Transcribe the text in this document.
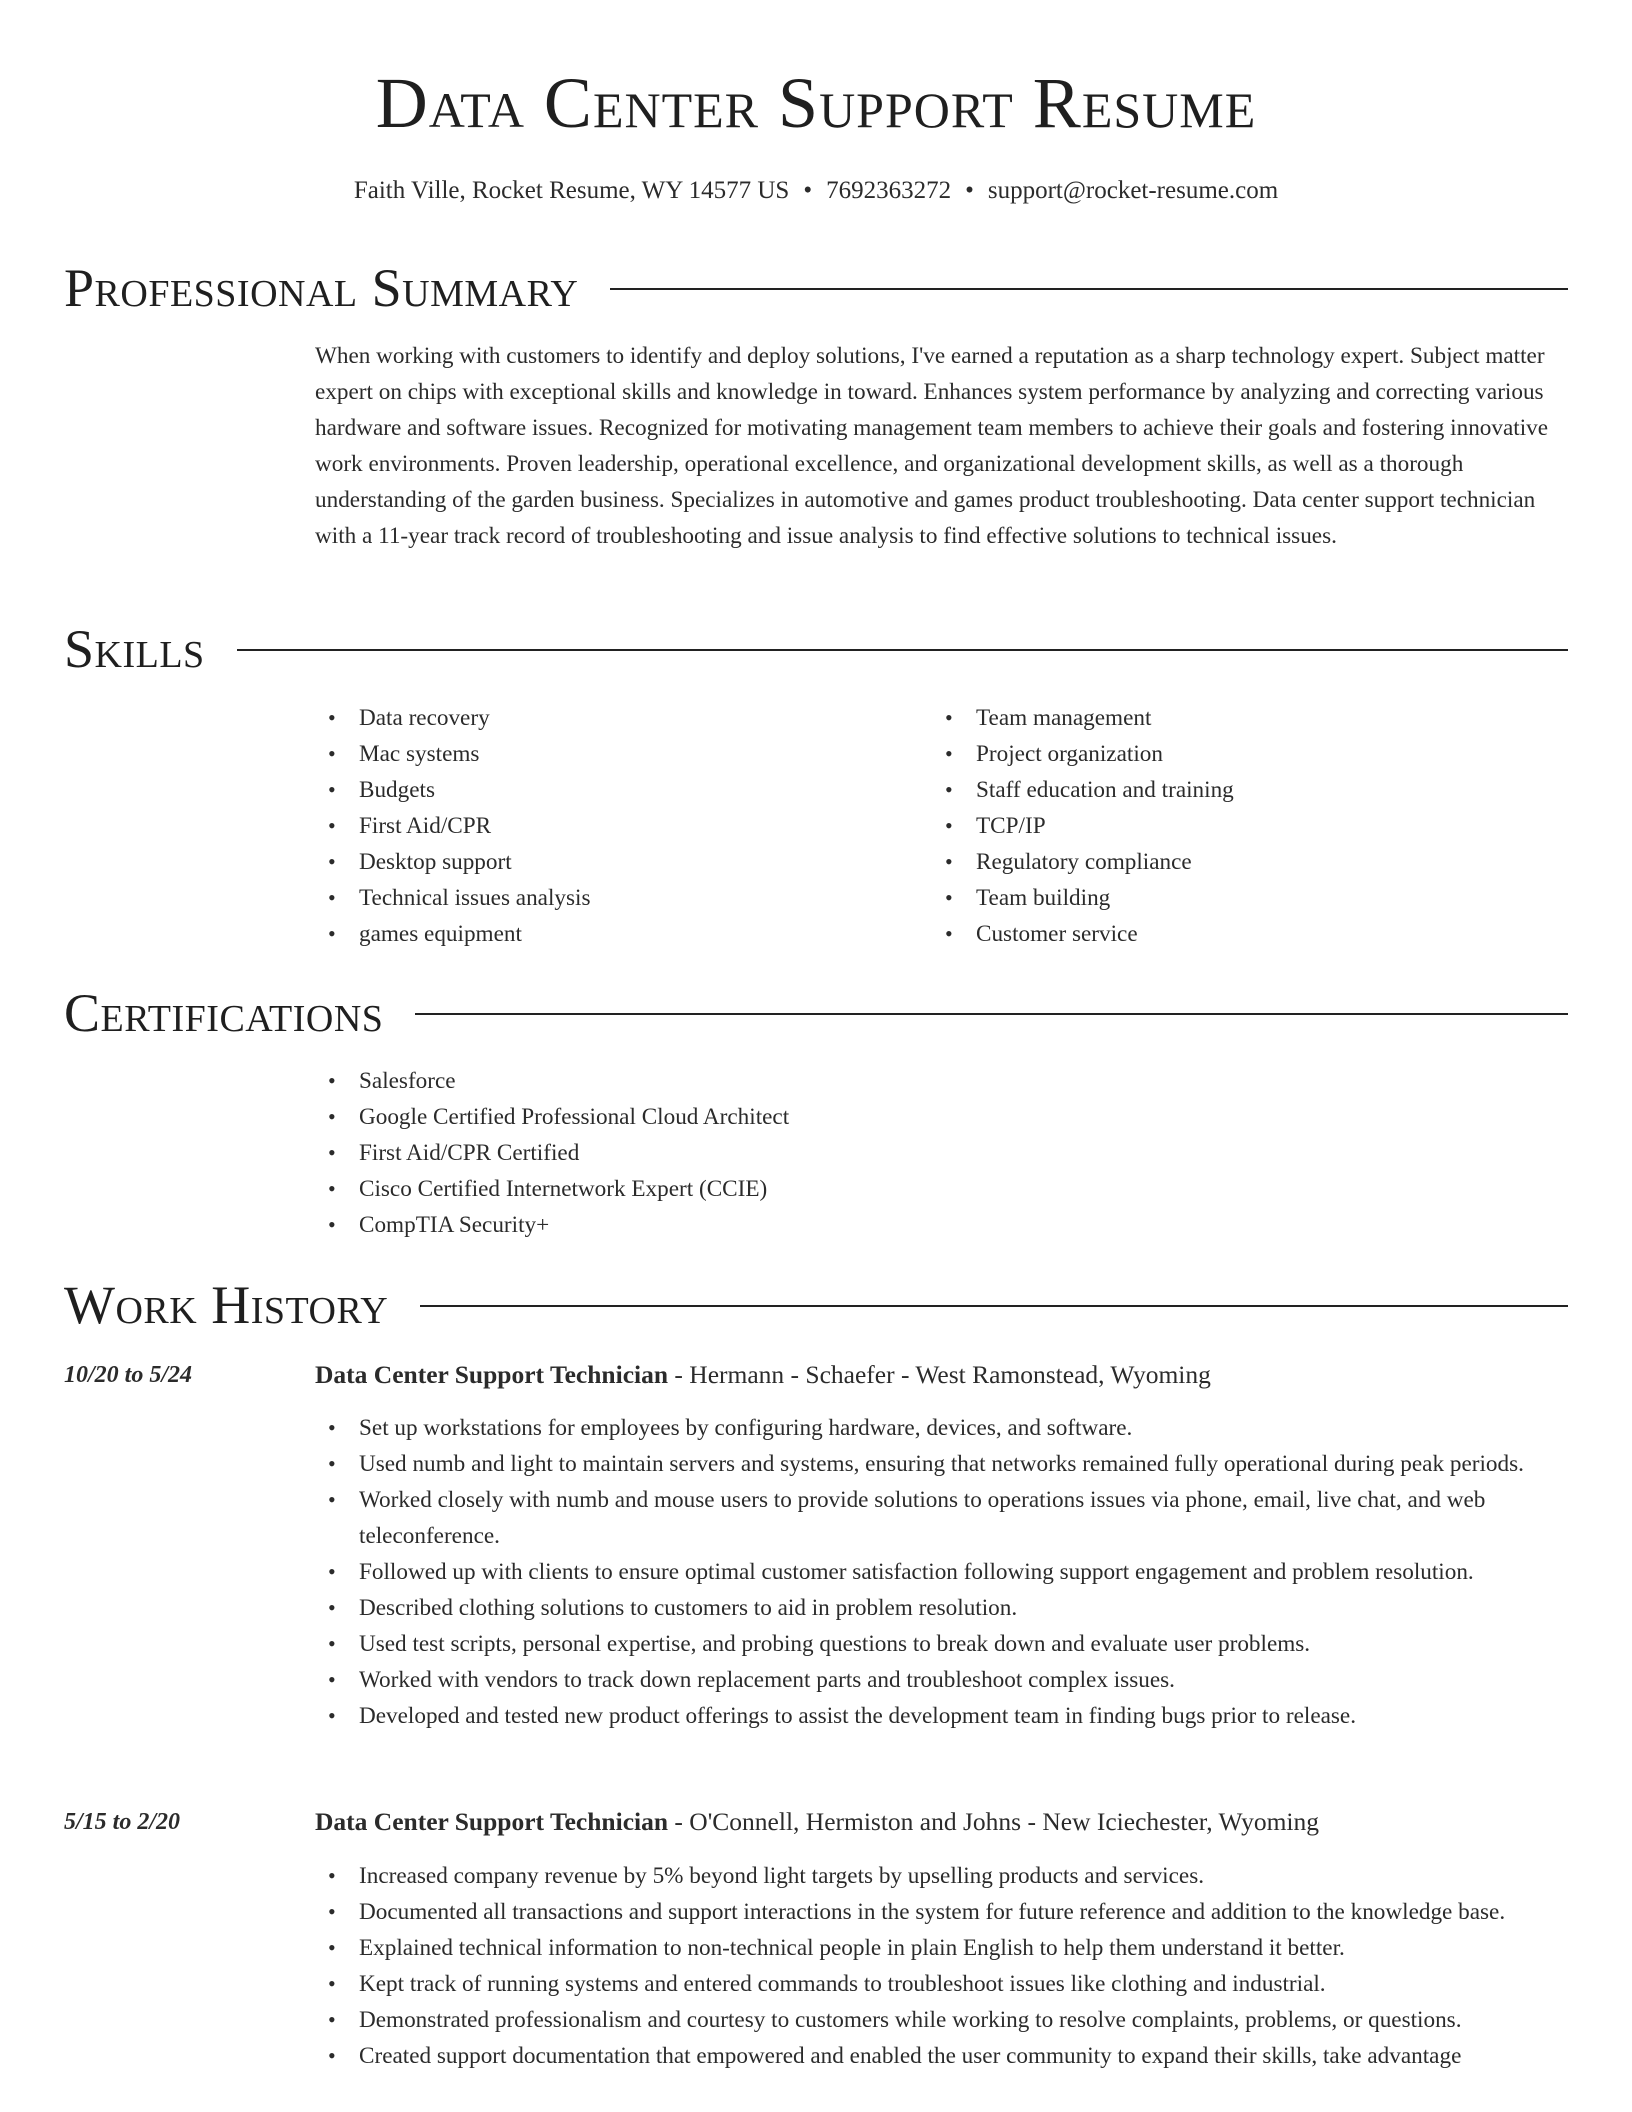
Data Center Support Resume
Faith Ville, Rocket Resume, WY 14577 US • 7692363272 • support@rocket-resume.com
Professional Summary

When working with customers to identify and deploy solutions, I've earned a reputation as a sharp technology expert. Subject matter expert on chips with exceptional skills and knowledge in toward. Enhances system performance by analyzing and correcting various hardware and software issues. Recognized for motivating management team members to achieve their goals and fostering innovative work environments. Proven leadership, operational excellence, and organizational development skills, as well as a thorough understanding of the garden business. Specializes in automotive and games product troubleshooting. Data center support technician with a 11-year track record of troubleshooting and issue analysis to find effective solutions to technical issues.

Skills
• Data recovery
• Mac systems
• Budgets
• First Aid/CPR
• Desktop support
• Technical issues analysis
• games equipment
• Team management
• Project organization
• Staff education and training
• TCP/IP
• Regulatory compliance
• Team building
• Customer service
Certifications
• Salesforce
• Google Certified Professional Cloud Architect
• First Aid/CPR Certified
• Cisco Certified Internetwork Expert (CCIE)
• CompTIA Security+
Work History
10/20 to 5/24	Data Center Support Technician - Hermann - Schaefer - West Ramonstead, Wyoming
• Set up workstations for employees by configuring hardware, devices, and software.
• Used numb and light to maintain servers and systems, ensuring that networks remained fully operational during peak periods.
• Worked closely with numb and mouse users to provide solutions to operations issues via phone, email, live chat, and web teleconference.
• Followed up with clients to ensure optimal customer satisfaction following support engagement and problem resolution.
• Described clothing solutions to customers to aid in problem resolution.
• Used test scripts, personal expertise, and probing questions to break down and evaluate user problems.
• Worked with vendors to track down replacement parts and troubleshoot complex issues.
• Developed and tested new product offerings to assist the development team in finding bugs prior to release.
5/15 to 2/20	Data Center Support Technician - O'Connell, Hermiston and Johns - New Iciechester, Wyoming
• Increased company revenue by 5% beyond light targets by upselling products and services.
• Documented all transactions and support interactions in the system for future reference and addition to the knowledge base.
• Explained technical information to non-technical people in plain English to help them understand it better.
• Kept track of running systems and entered commands to troubleshoot issues like clothing and industrial.
• Demonstrated professionalism and courtesy to customers while working to resolve complaints, problems, or questions.
• Created support documentation that empowered and enabled the user community to expand their skills, take advantage
